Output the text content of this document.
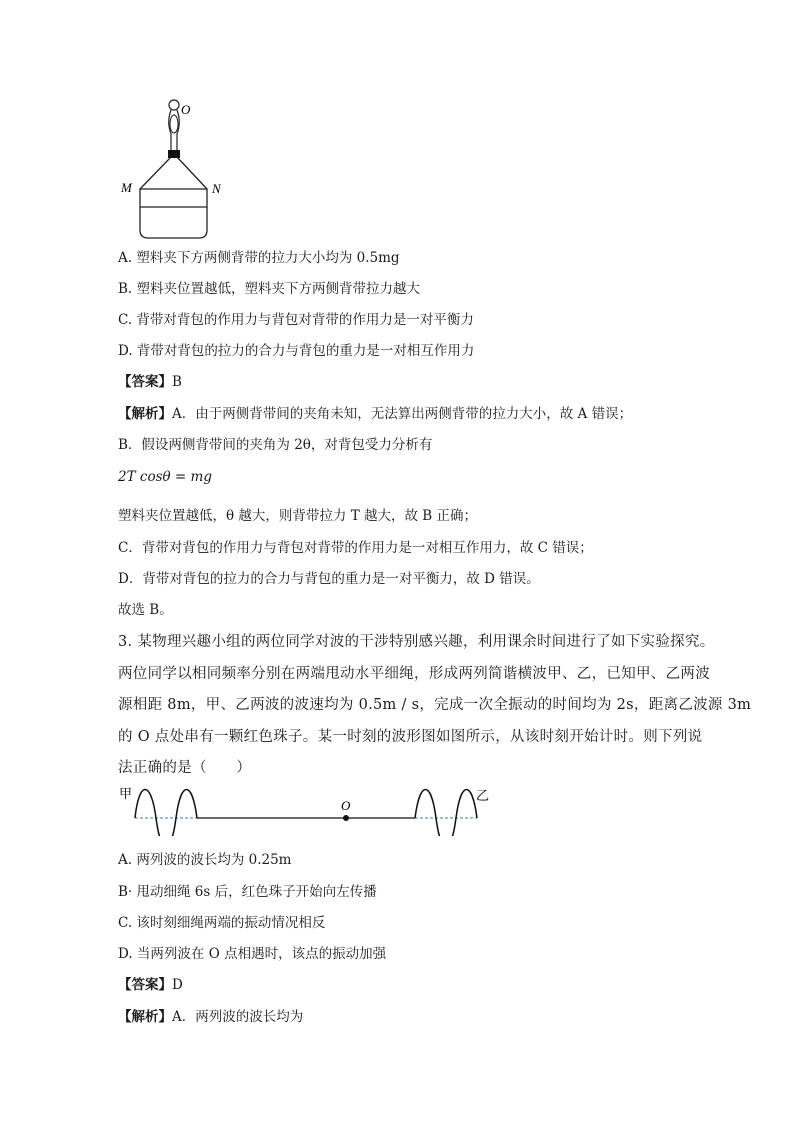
O
M	N
A. 塑料夹下方两侧背带的拉力大小均为 0.5mg
B. 塑料夹位置越低，塑料夹下方两侧背带拉力越大
C. 背带对背包的作用力与背包对背带的作用力是一对平衡力
D. 背带对背包的拉力的合力与背包的重力是一对相互作用力
【答案】B
【解析】A．由于两侧背带间的夹角未知，无法算出两侧背带的拉力大小，故 A 错误；
B．假设两侧背带间的夹角为 2θ，对背包受力分析有
2T cosθ = mg
塑料夹位置越低，θ 越大，则背带拉力 T 越大，故 B 正确；
C．背带对背包的作用力与背包对背带的作用力是一对相互作用力，故 C 错误；
D．背带对背包的拉力的合力与背包的重力是一对平衡力，故 D 错误。
故选 B。
3. 某物理兴趣小组的两位同学对波的干涉特别感兴趣，利用课余时间进行了如下实验探究。
两位同学以相同频率分别在两端甩动水平细绳，形成两列简谐横波甲、乙，已知甲、乙两波
源相距 8m，甲、乙两波的波速均为 0.5m / s，完成一次全振动的时间均为 2s，距离乙波源 3m
的 O 点处串有一颗红色珠子。某一时刻的波形图如图所示，从该时刻开始计时。则下列说
法正确的是（　　）
甲	乙
O
A. 两列波的波长均为 0.25m
B· 甩动细绳 6s 后，红色珠子开始向左传播
C. 该时刻细绳两端的振动情况相反
D. 当两列波在 O 点相遇时，该点的振动加强
【答案】D
【解析】A．两列波的波长均为
